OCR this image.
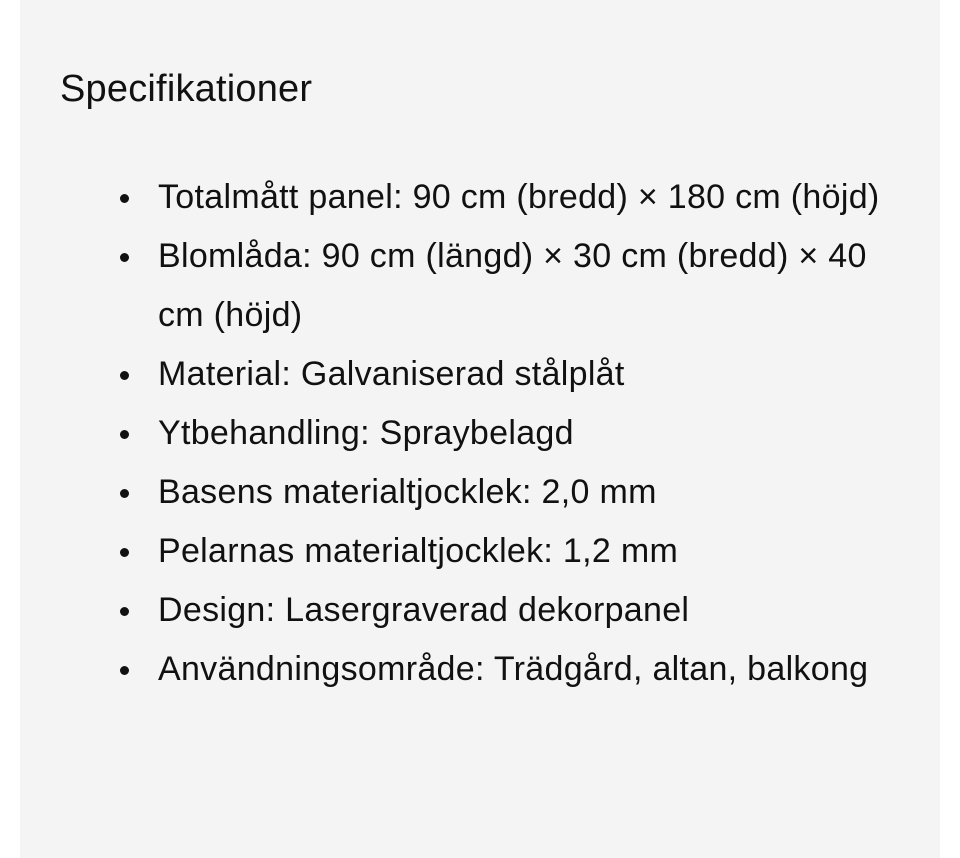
Specifikationer
Totalmått panel: 90 cm (bredd) × 180 cm (höjd)
Blomlåda: 90 cm (längd) × 30 cm (bredd) × 40 cm (höjd)
Material: Galvaniserad stålplåt
Ytbehandling: Spraybelagd
Basens materialtjocklek: 2,0 mm
Pelarnas materialtjocklek: 1,2 mm
Design: Lasergraverad dekorpanel
Användningsområde: Trädgård, altan, balkong
